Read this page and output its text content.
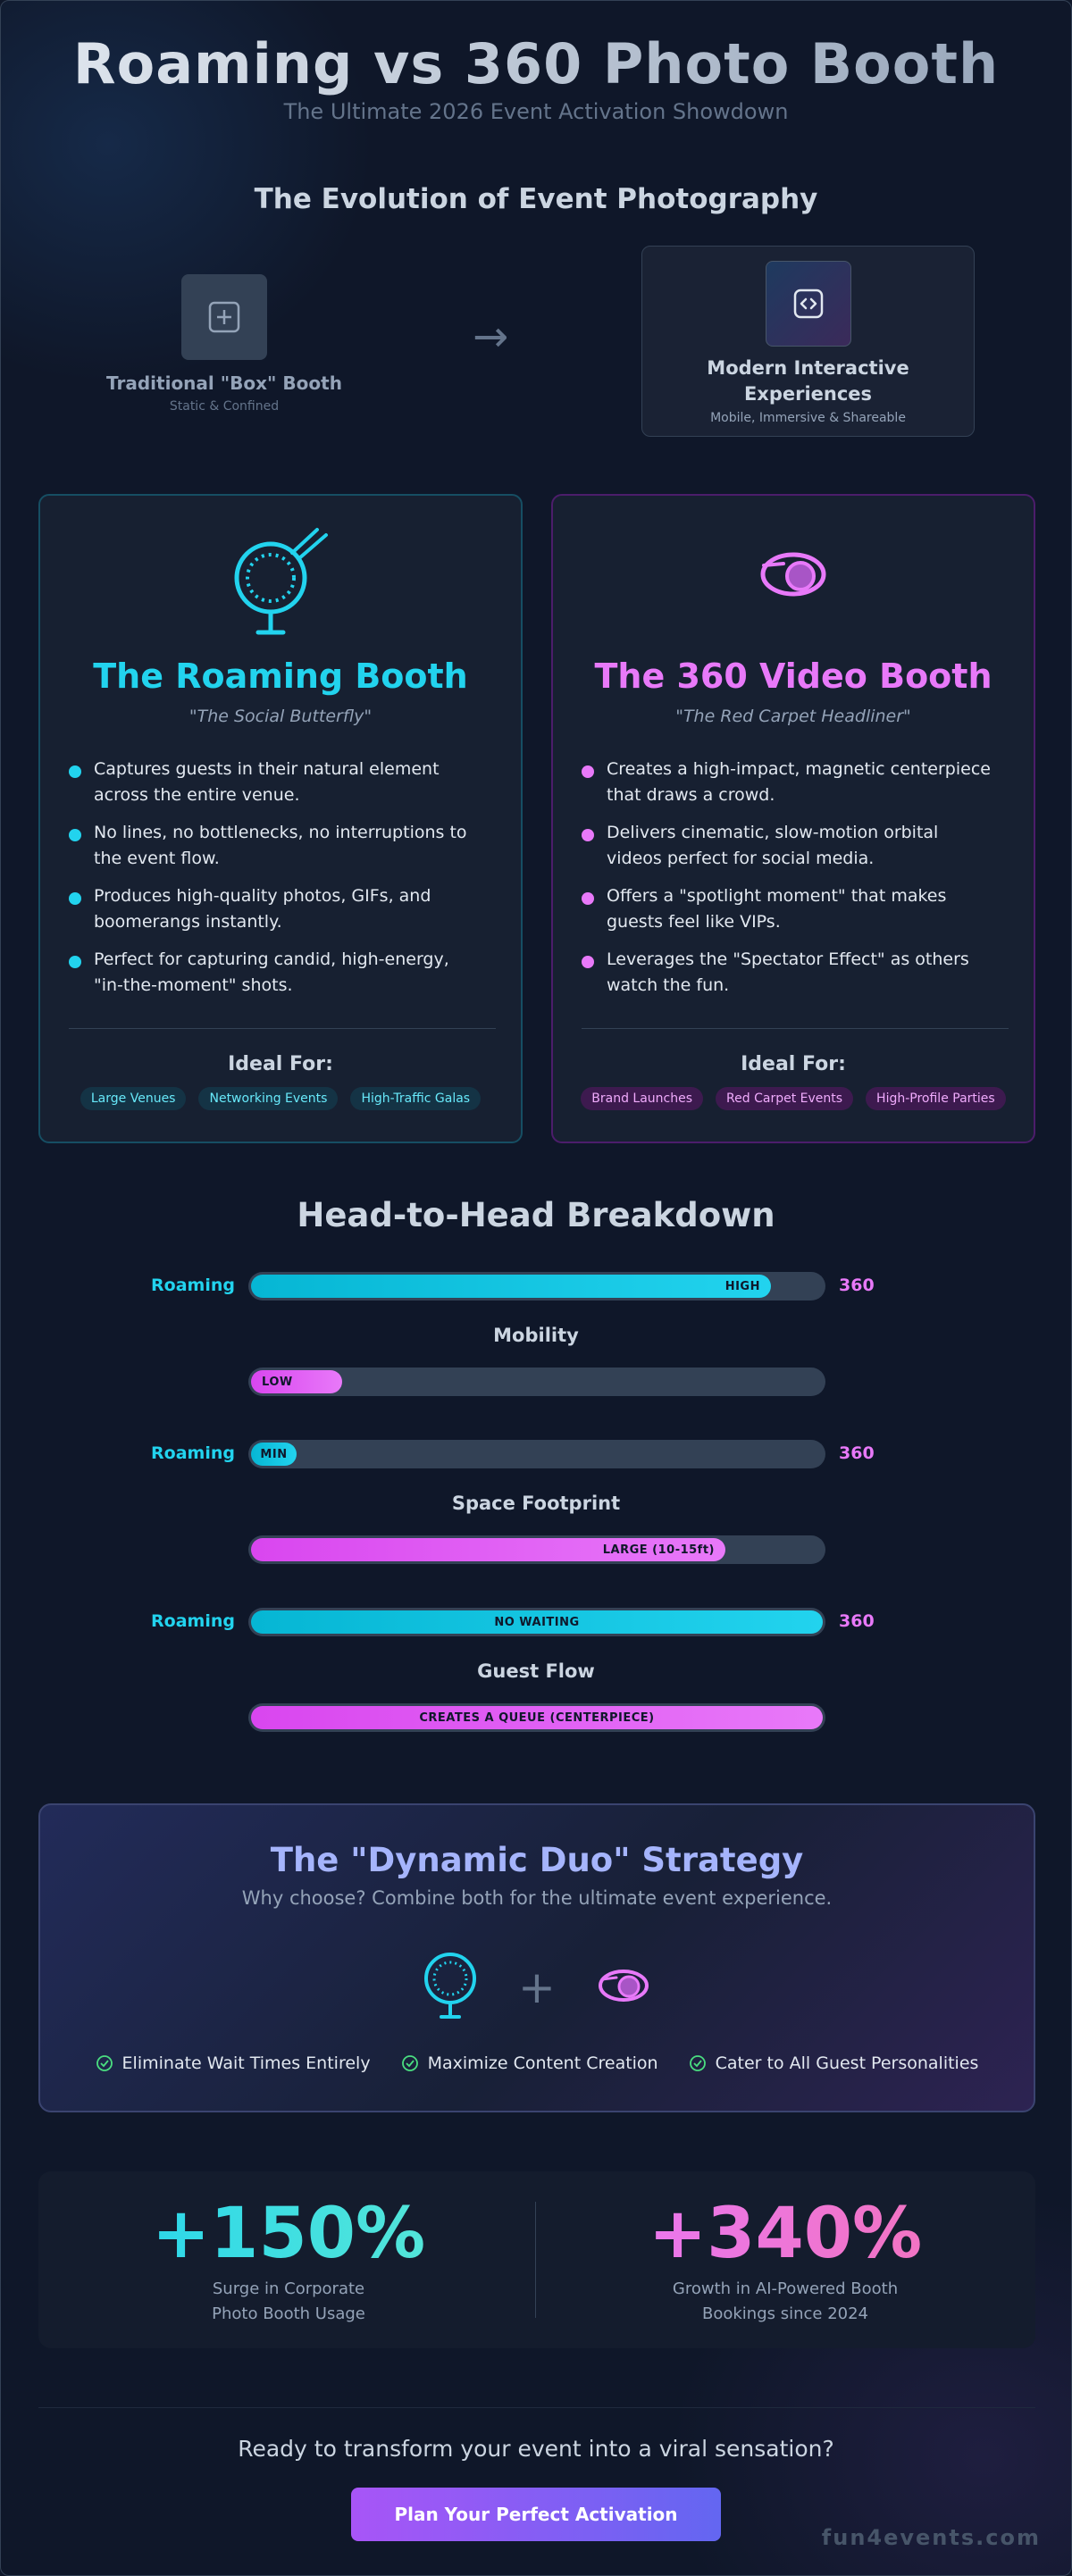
Roaming vs 360 Photo Booth
The Ultimate 2026 Event Activation Showdown
The Evolution of Event Photography
Traditional "Box" Booth
Static & Confined
→
Modern Interactive
Experiences
Mobile, Immersive & Shareable
The Roaming Booth
"The Social Butterfly"
Captures guests in their natural element across the entire venue.
No lines, no bottlenecks, no interruptions to the event flow.
Produces high-quality photos, GIFs, and boomerangs instantly.
Perfect for capturing candid, high-energy, "in-the-moment" shots.
Ideal For:
Large Venues	Networking Events	High-Traffic Galas
The 360 Video Booth
"The Red Carpet Headliner"
Creates a high-impact, magnetic centerpiece that draws a crowd.
Delivers cinematic, slow-motion orbital videos perfect for social media.
Offers a "spotlight moment" that makes guests feel like VIPs.
Leverages the "Spectator Effect" as others watch the fun.
Ideal For:
Brand Launches	Red Carpet Events	High-Profile Parties
Head-to-Head Breakdown
Roaming	HIGH	360
Mobility
LOW
Roaming MIN	360
Space Footprint
LARGE (10-15ft)
Roaming	NO WAITING	360
Guest Flow
CREATES A QUEUE (CENTERPIECE)
The "Dynamic Duo" Strategy
Why choose? Combine both for the ultimate event experience.
+
Eliminate Wait Times Entirely	Maximize Content Creation	Cater to All Guest Personalities
+150%
Surge in Corporate
Photo Booth Usage
+340%
Growth in AI-Powered Booth
Bookings since 2024
Ready to transform your event into a viral sensation?
Plan Your Perfect Activation
fun4events.com
